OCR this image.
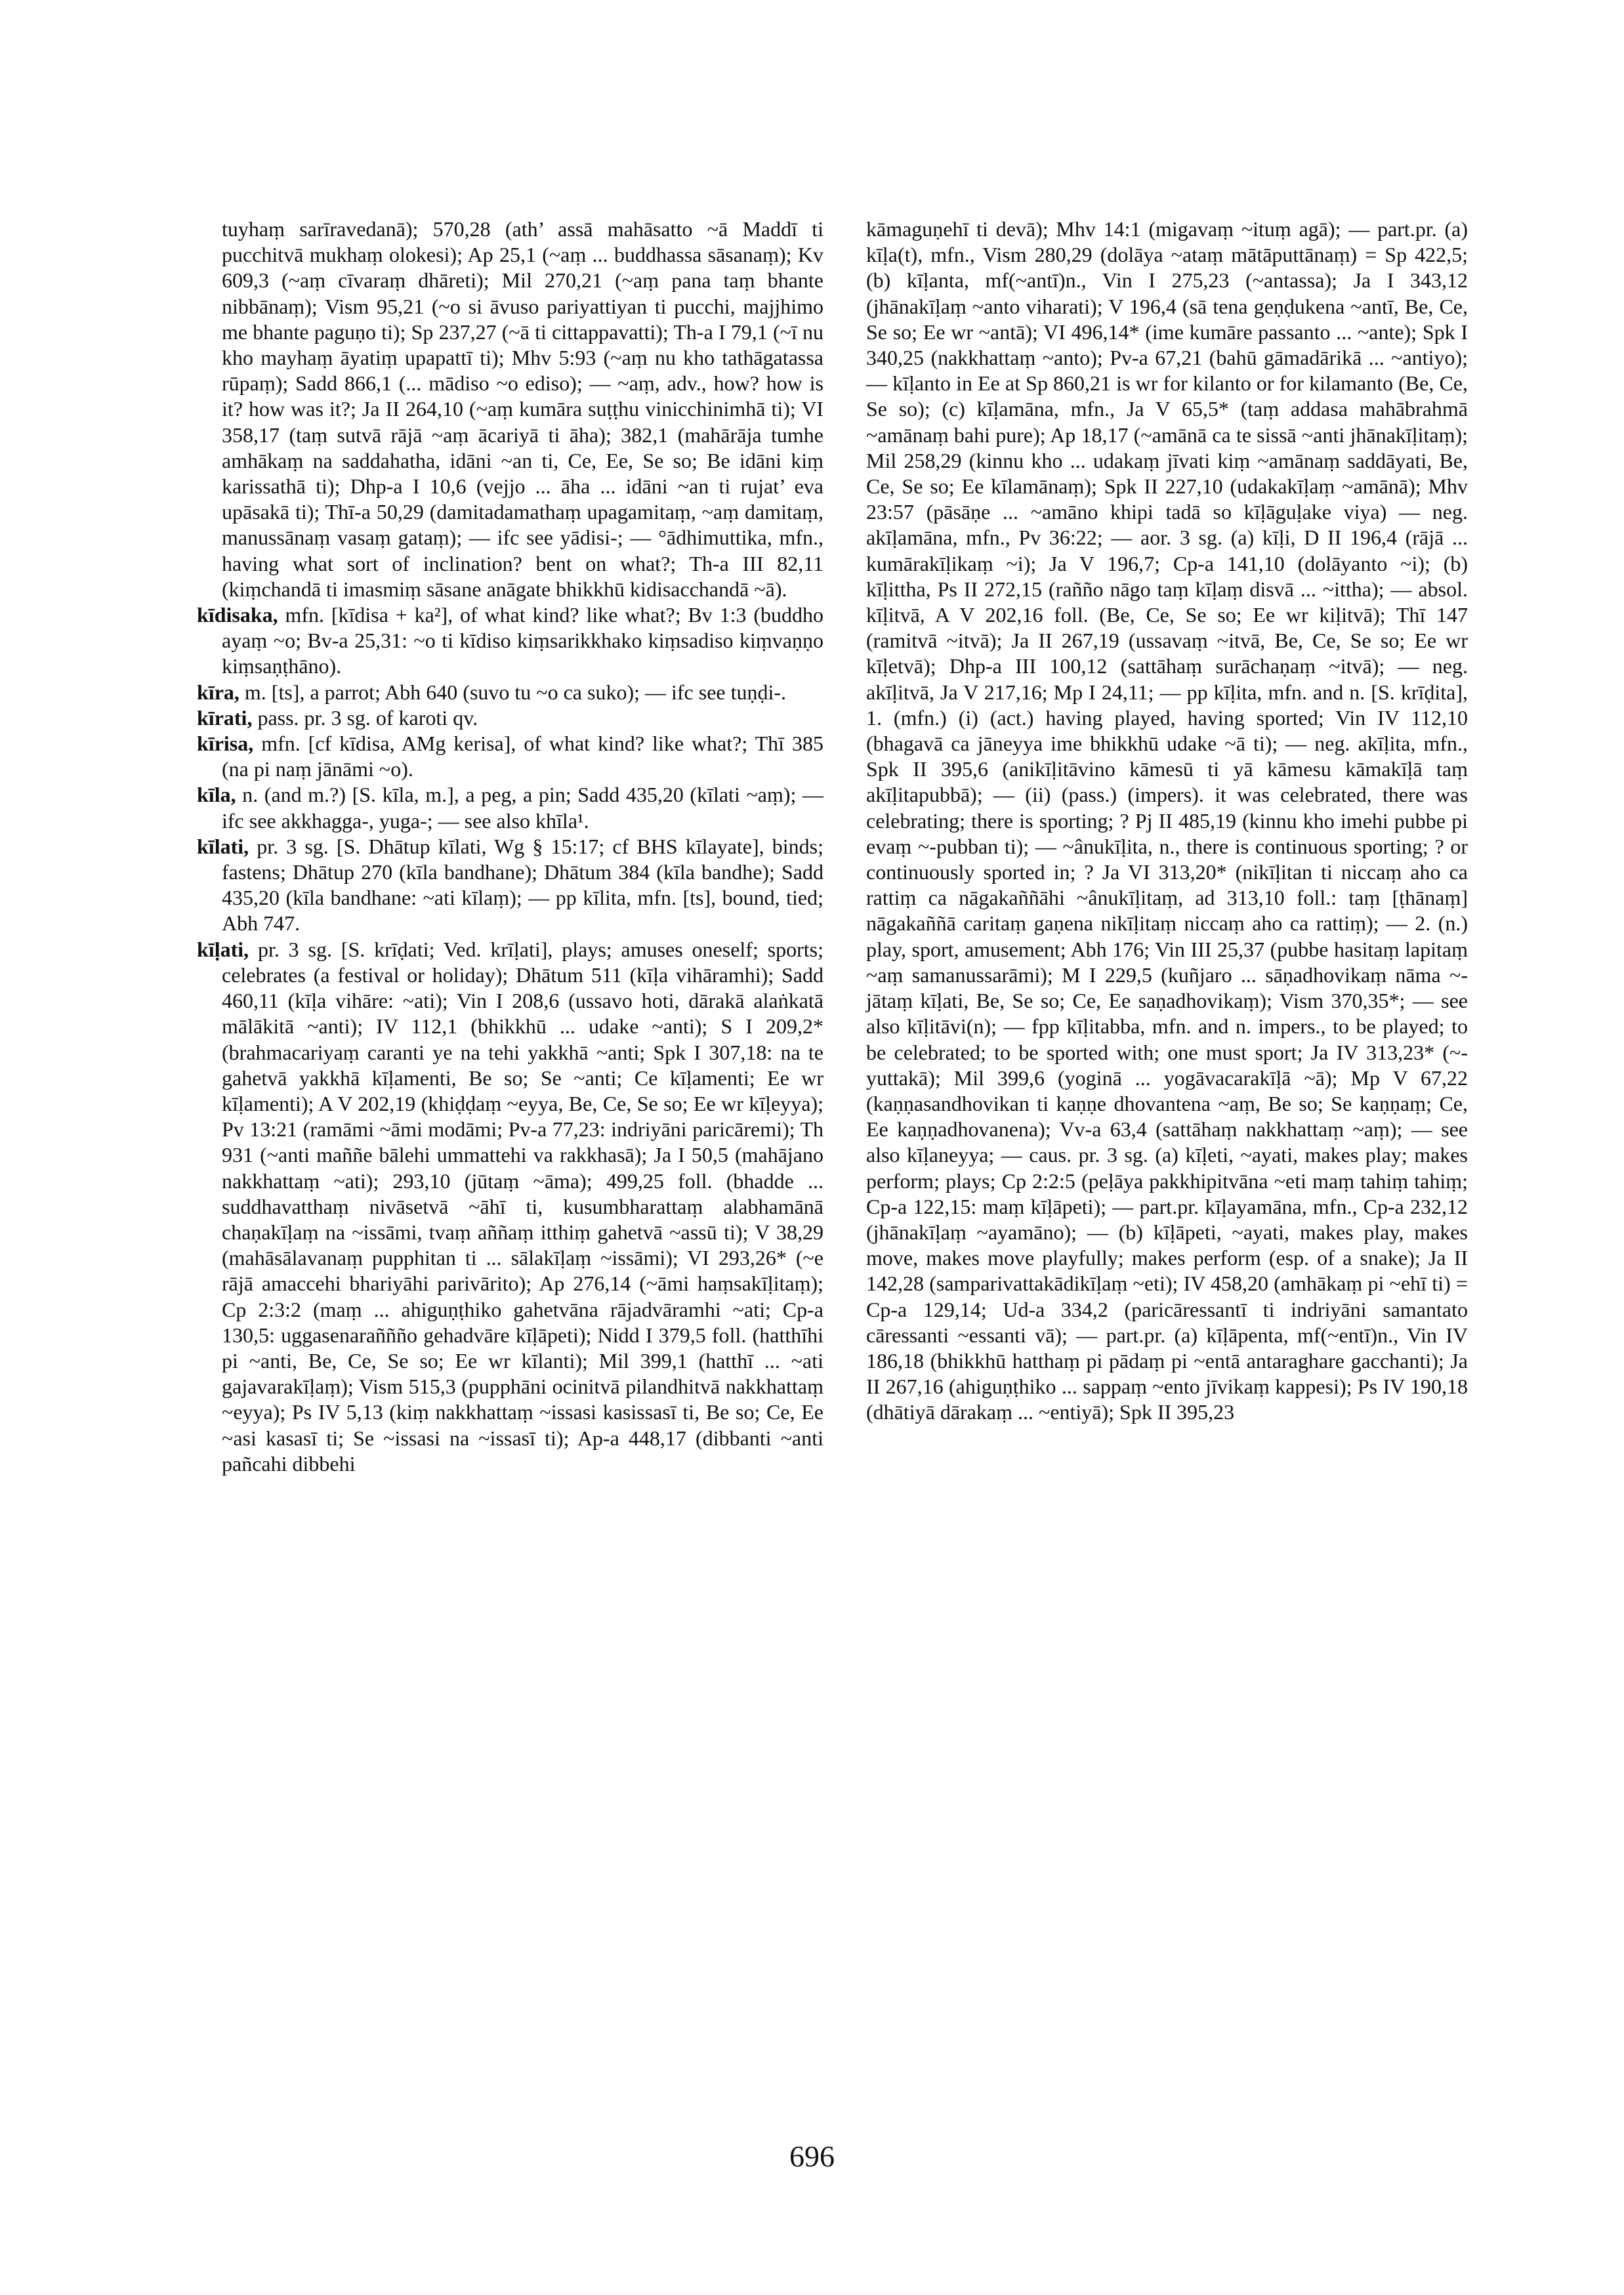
tuyhaṃ sarīravedanā); 570,28 (ath’ assā mahāsatto ~ā Maddī ti pucchitvā mukhaṃ olokesi); Ap 25,1 (~aṃ ... buddhassa sāsanaṃ); Kv 609,3 (~aṃ cīvaraṃ dhāreti); Mil 270,21 (~aṃ pana taṃ bhante nibbānaṃ); Vism 95,21 (~o si āvuso pariyattiyan ti pucchi, majjhimo me bhante paguṇo ti); Sp 237,27 (~ā ti cittappavatti); Th-a I 79,1 (~ī nu kho mayhaṃ āyatiṃ upapattī ti); Mhv 5:93 (~aṃ nu kho tathāgatassa rūpaṃ); Sadd 866,1 (... mādiso ~o ediso); — ~aṃ, adv., how? how is it? how was it?; Ja II 264,10 (~aṃ kumāra suṭṭhu vinicchinimhā ti); VI 358,17 (taṃ sutvā rājā ~aṃ ācariyā ti āha); 382,1 (mahārāja tumhe amhākaṃ na saddahatha, idāni ~an ti, Ce, Ee, Se so; Be idāni kiṃ karissathā ti); Dhp-a I 10,6 (vejjo ... āha ... idāni ~an ti rujat’ eva upāsakā ti); Thī-a 50,29 (damitadamathaṃ upagamitaṃ, ~aṃ damitaṃ, manussānaṃ vasaṃ gataṃ); — ifc see yādisi-; — °ādhimuttika, mfn., having what sort of inclination? bent on what?; Th-a III 82,11 (kiṃchandā ti imasmiṃ sāsane anāgate bhikkhū kidisacchandā ~ā).

kīdisaka, mfn. [kīdisa + ka²], of what kind? like what?; Bv 1:3 (buddho ayaṃ ~o; Bv-a 25,31: ~o ti kīdiso kiṃsarikkhako kiṃsadiso kiṃvaṇṇo kiṃsaṇṭhāno).

kīra, m. [ts], a parrot; Abh 640 (suvo tu ~o ca suko); — ifc see tuṇḍi-.

kīrati, pass. pr. 3 sg. of karoti qv.

kīrisa, mfn. [cf kīdisa, AMg kerisa], of what kind? like what?; Thī 385 (na pi naṃ jānāmi ~o).

kīla, n. (and m.?) [S. kīla, m.], a peg, a pin; Sadd 435,20 (kīlati ~aṃ); — ifc see akkhagga-, yuga-; — see also khīla¹.

kīlati, pr. 3 sg. [S. Dhātup kīlati, Wg § 15:17; cf BHS kīlayate], binds; fastens; Dhātup 270 (kīla bandhane); Dhātum 384 (kīla bandhe); Sadd 435,20 (kīla bandhane: ~ati kīlaṃ); — pp kīlita, mfn. [ts], bound, tied; Abh 747.

kīḷati, pr. 3 sg. [S. krīḍati; Ved. krīḷati], plays; amuses oneself; sports; celebrates (a festival or holiday); Dhātum 511 (kīḷa vihāramhi); Sadd 460,11 (kīḷa vihāre: ~ati); Vin I 208,6 (ussavo hoti, dārakā alaṅkatā mālākitā ~anti); IV 112,1 (bhikkhū ... udake ~anti); S I 209,2* (brahmacariyaṃ caranti ye na tehi yakkhā ~anti; Spk I 307,18: na te gahetvā yakkhā kīḷamenti, Be so; Se ~anti; Ce kīḷamenti; Ee wr kīḷamenti); A V 202,19 (khiḍḍaṃ ~eyya, Be, Ce, Se so; Ee wr kīḷeyya); Pv 13:21 (ramāmi ~āmi modāmi; Pv-a 77,23: indriyāni paricāremi); Th 931 (~anti maññe bālehi ummattehi va rakkhasā); Ja I 50,5 (mahājano nakkhattaṃ ~ati); 293,10 (jūtaṃ ~āma); 499,25 foll. (bhadde ... suddhavatthaṃ nivāsetvā ~āhī ti, kusumbharattaṃ alabhamānā chaṇakīḷaṃ na ~issāmi, tvaṃ aññaṃ itthiṃ gahetvā ~assū ti); V 38,29 (mahāsālavanaṃ pupphitan ti ... sālakīḷaṃ ~issāmi); VI 293,26* (~e rājā amaccehi bhariyāhi parivārito); Ap 276,14 (~āmi haṃsakīḷitaṃ); Cp 2:3:2 (maṃ ... ahiguṇṭhiko gahetvāna rājadvāramhi ~ati; Cp-a 130,5: uggasenaraññño gehadvāre kīḷāpeti); Nidd I 379,5 foll. (hatthīhi pi ~anti, Be, Ce, Se so; Ee wr kīlanti); Mil 399,1 (hatthī ... ~ati gajavarakīḷaṃ); Vism 515,3 (pupphāni ocinitvā pilandhitvā nakkhattaṃ ~eyya); Ps IV 5,13 (kiṃ nakkhattaṃ ~issasi kasissasī ti, Be so; Ce, Ee ~asi kasasī ti; Se ~issasi na ~issasī ti); Ap-a 448,17 (dibbanti ~anti pañcahi dibbehi

kāmaguṇehī ti devā); Mhv 14:1 (migavaṃ ~ituṃ agā); — part.pr. (a) kīḷa(t), mfn., Vism 280,29 (dolāya ~ataṃ mātāputtānaṃ) = Sp 422,5; (b) kīḷanta, mf(~antī)n., Vin I 275,23 (~antassa); Ja I 343,12 (jhānakīḷaṃ ~anto viharati); V 196,4 (sā tena geṇḍukena ~antī, Be, Ce, Se so; Ee wr ~antā); VI 496,14* (ime kumāre passanto ... ~ante); Spk I 340,25 (nakkhattaṃ ~anto); Pv-a 67,21 (bahū gāmadārikā ... ~antiyo); — kīḷanto in Ee at Sp 860,21 is wr for kilanto or for kilamanto (Be, Ce, Se so); (c) kīḷamāna, mfn., Ja V 65,5* (taṃ addasa mahābrahmā ~amānaṃ bahi pure); Ap 18,17 (~amānā ca te sissā ~anti jhānakīḷitaṃ); Mil 258,29 (kinnu kho ... udakaṃ jīvati kiṃ ~amānaṃ saddāyati, Be, Ce, Se so; Ee kīlamānaṃ); Spk II 227,10 (udakakīḷaṃ ~amānā); Mhv 23:57 (pāsāṇe ... ~amāno khipi tadā so kīḷāguḷake viya) — neg. akīḷamāna, mfn., Pv 36:22; — aor. 3 sg. (a) kīḷi, D II 196,4 (rājā ... kumārakīḷikaṃ ~i); Ja V 196,7; Cp-a 141,10 (dolāyanto ~i); (b) kīḷittha, Ps II 272,15 (rañño nāgo taṃ kīḷaṃ disvā ... ~ittha); — absol. kīḷitvā, A V 202,16 foll. (Be, Ce, Se so; Ee wr kiḷitvā); Thī 147 (ramitvā ~itvā); Ja II 267,19 (ussavaṃ ~itvā, Be, Ce, Se so; Ee wr kīḷetvā); Dhp-a III 100,12 (sattāhaṃ surāchaṇaṃ ~itvā); — neg. akīḷitvā, Ja V 217,16; Mp I 24,11; — pp kīḷita, mfn. and n. [S. krīḍita], 1. (mfn.) (i) (act.) having played, having sported; Vin IV 112,10 (bhagavā ca jāneyya ime bhikkhū udake ~ā ti); — neg. akīḷita, mfn., Spk II 395,6 (anikīḷitāvino kāmesū ti yā kāmesu kāmakīḷā taṃ akīḷitapubbā); — (ii) (pass.) (impers). it was celebrated, there was celebrating; there is sporting; ? Pj II 485,19 (kinnu kho imehi pubbe pi evaṃ ~-pubban ti); — ~ânukīḷita, n., there is continuous sporting; ? or continuously sported in; ? Ja VI 313,20* (nikīḷitan ti niccaṃ aho ca rattiṃ ca nāgakaññāhi ~ânukīḷitaṃ, ad 313,10 foll.: taṃ [ṭhānaṃ] nāgakaññā caritaṃ gaṇena nikīḷitaṃ niccaṃ aho ca rattiṃ); — 2. (n.) play, sport, amusement; Abh 176; Vin III 25,37 (pubbe hasitaṃ lapitaṃ ~aṃ samanussarāmi); M I 229,5 (kuñjaro ... sāṇadhovikaṃ nāma ~-jātaṃ kīḷati, Be, Se so; Ce, Ee saṇadhovikaṃ); Vism 370,35*; — see also kīḷitāvi(n); — fpp kīḷitabba, mfn. and n. impers., to be played; to be celebrated; to be sported with; one must sport; Ja IV 313,23* (~-yuttakā); Mil 399,6 (yoginā ... yogāvacarakīḷā ~ā); Mp V 67,22 (kaṇṇasandhovikan ti kaṇṇe dhovantena ~aṃ, Be so; Se kaṇṇaṃ; Ce, Ee kaṇṇadhovanena); Vv-a 63,4 (sattāhaṃ nakkhattaṃ ~aṃ); — see also kīḷaneyya; — caus. pr. 3 sg. (a) kīḷeti, ~ayati, makes play; makes perform; plays; Cp 2:2:5 (peḷāya pakkhipitvāna ~eti maṃ tahiṃ tahiṃ; Cp-a 122,15: maṃ kīḷāpeti); — part.pr. kīḷayamāna, mfn., Cp-a 232,12 (jhānakīḷaṃ ~ayamāno); — (b) kīḷāpeti, ~ayati, makes play, makes move, makes move playfully; makes perform (esp. of a snake); Ja II 142,28 (samparivattakādikīḷaṃ ~eti); IV 458,20 (amhākaṃ pi ~ehī ti) = Cp-a 129,14; Ud-a 334,2 (paricāressantī ti indriyāni samantato cāressanti ~essanti vā); — part.pr. (a) kīḷāpenta, mf(~entī)n., Vin IV 186,18 (bhikkhū hatthaṃ pi pādaṃ pi ~entā antaraghare gacchanti); Ja II 267,16 (ahiguṇṭhiko ... sappaṃ ~ento jīvikaṃ kappesi); Ps IV 190,18 (dhātiyā dārakaṃ ... ~entiyā); Spk II 395,23

696
